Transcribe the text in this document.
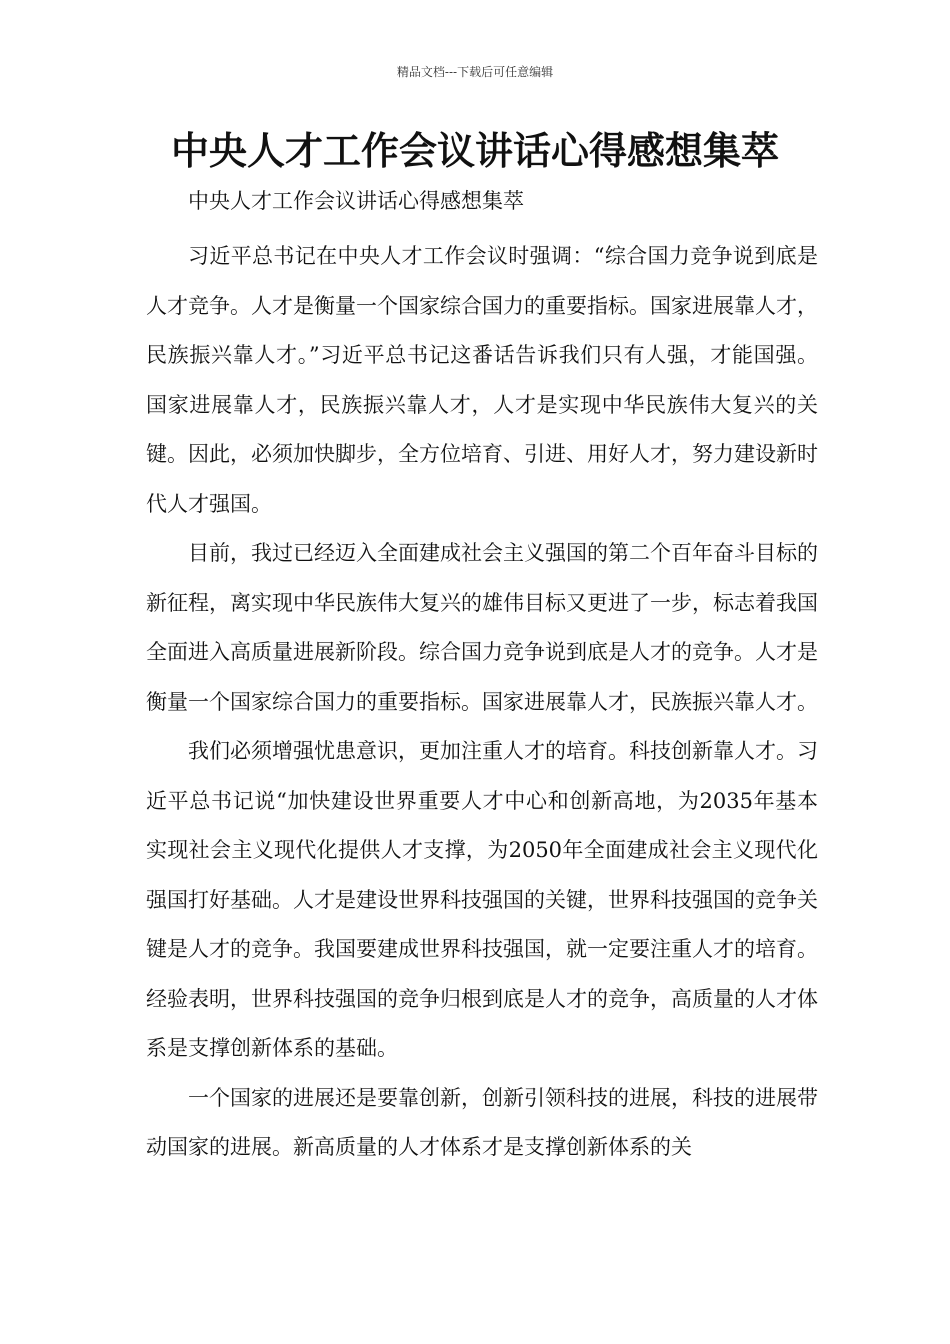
精品文档---下载后可任意编辑
中央人才工作会议讲话心得感想集萃

中央人才工作会议讲话心得感想集萃

习近平总书记在中央人才工作会议时强调：“综合国力竞争说到底是人才竞争。人才是衡量一个国家综合国力的重要指标。国家进展靠人才，民族振兴靠人才。”习近平总书记这番话告诉我们只有人强，才能国强。国家进展靠人才，民族振兴靠人才，人才是实现中华民族伟大复兴的关键。因此，必须加快脚步，全方位培育、引进、用好人才，努力建设新时代人才强国。

目前，我过已经迈入全面建成社会主义强国的第二个百年奋斗目标的新征程，离实现中华民族伟大复兴的雄伟目标又更进了一步，标志着我国全面进入高质量进展新阶段。综合国力竞争说到底是人才的竞争。人才是衡量一个国家综合国力的重要指标。国家进展靠人才，民族振兴靠人才。

我们必须增强忧患意识，更加注重人才的培育。科技创新靠人才。习近平总书记说“加快建设世界重要人才中心和创新高地，为2035年基本实现社会主义现代化提供人才支撑，为2050年全面建成社会主义现代化强国打好基础。人才是建设世界科技强国的关键，世界科技强国的竞争关键是人才的竞争。我国要建成世界科技强国，就一定要注重人才的培育。经验表明，世界科技强国的竞争归根到底是人才的竞争，高质量的人才体系是支撑创新体系的基础。

一个国家的进展还是要靠创新，创新引领科技的进展，科技的进展带动国家的进展。新高质量的人才体系才是支撑创新体系的关
